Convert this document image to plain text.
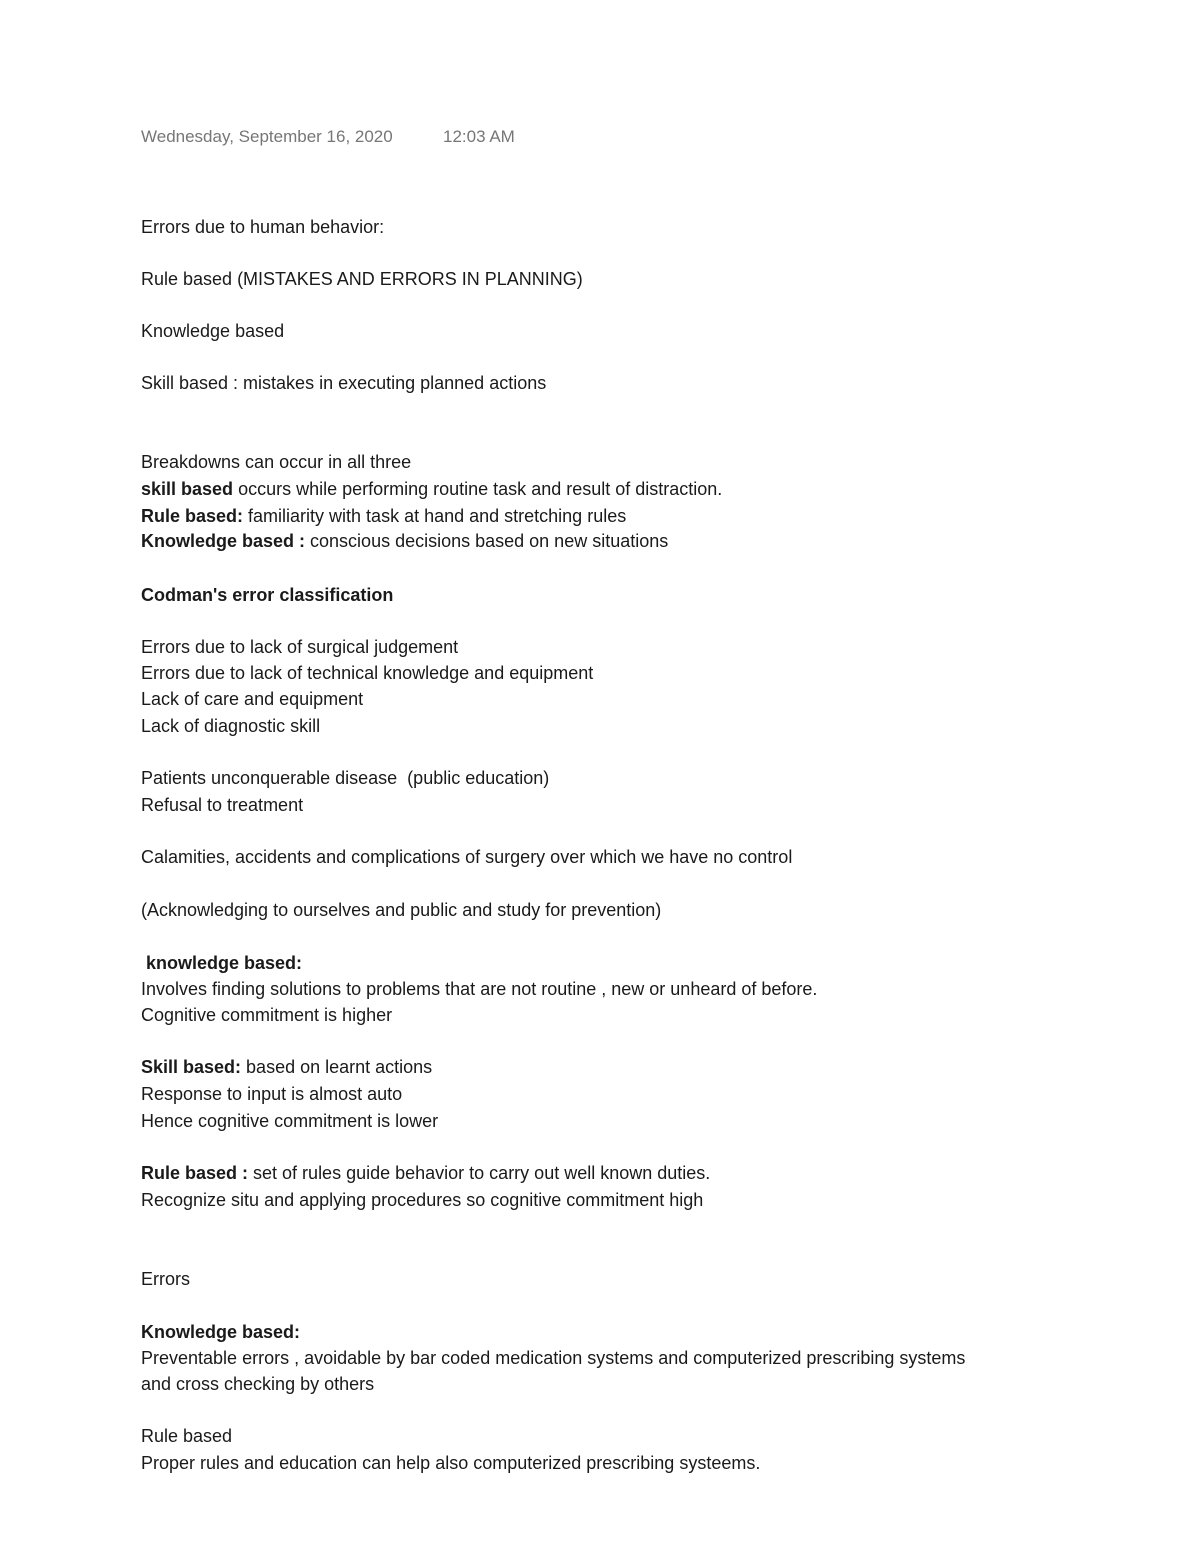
Wednesday, September 16, 2020	12:03 AM
Errors due to human behavior:
Rule based (MISTAKES AND ERRORS IN PLANNING)
Knowledge based
Skill based : mistakes in executing planned actions
Breakdowns can occur in all three
skill based occurs while performing routine task and result of distraction.
Rule based: familiarity with task at hand and stretching rules
Knowledge based : conscious decisions based on new situations
Codman's error classification
Errors due to lack of surgical judgement
Errors due to lack of technical knowledge and equipment
Lack of care and equipment
Lack of diagnostic skill
Patients unconquerable disease  (public education)
Refusal to treatment
Calamities, accidents and complications of surgery over which we have no control
(Acknowledging to ourselves and public and study for prevention)
knowledge based:
Involves finding solutions to problems that are not routine , new or unheard of before.
Cognitive commitment is higher
Skill based: based on learnt actions
Response to input is almost auto
Hence cognitive commitment is lower
Rule based : set of rules guide behavior to carry out well known duties.
Recognize situ and applying procedures so cognitive commitment high
Errors
Knowledge based:
Preventable errors , avoidable by bar coded medication systems and computerized prescribing systems
and cross checking by others
Rule based
Proper rules and education can help also computerized prescribing systeems.
